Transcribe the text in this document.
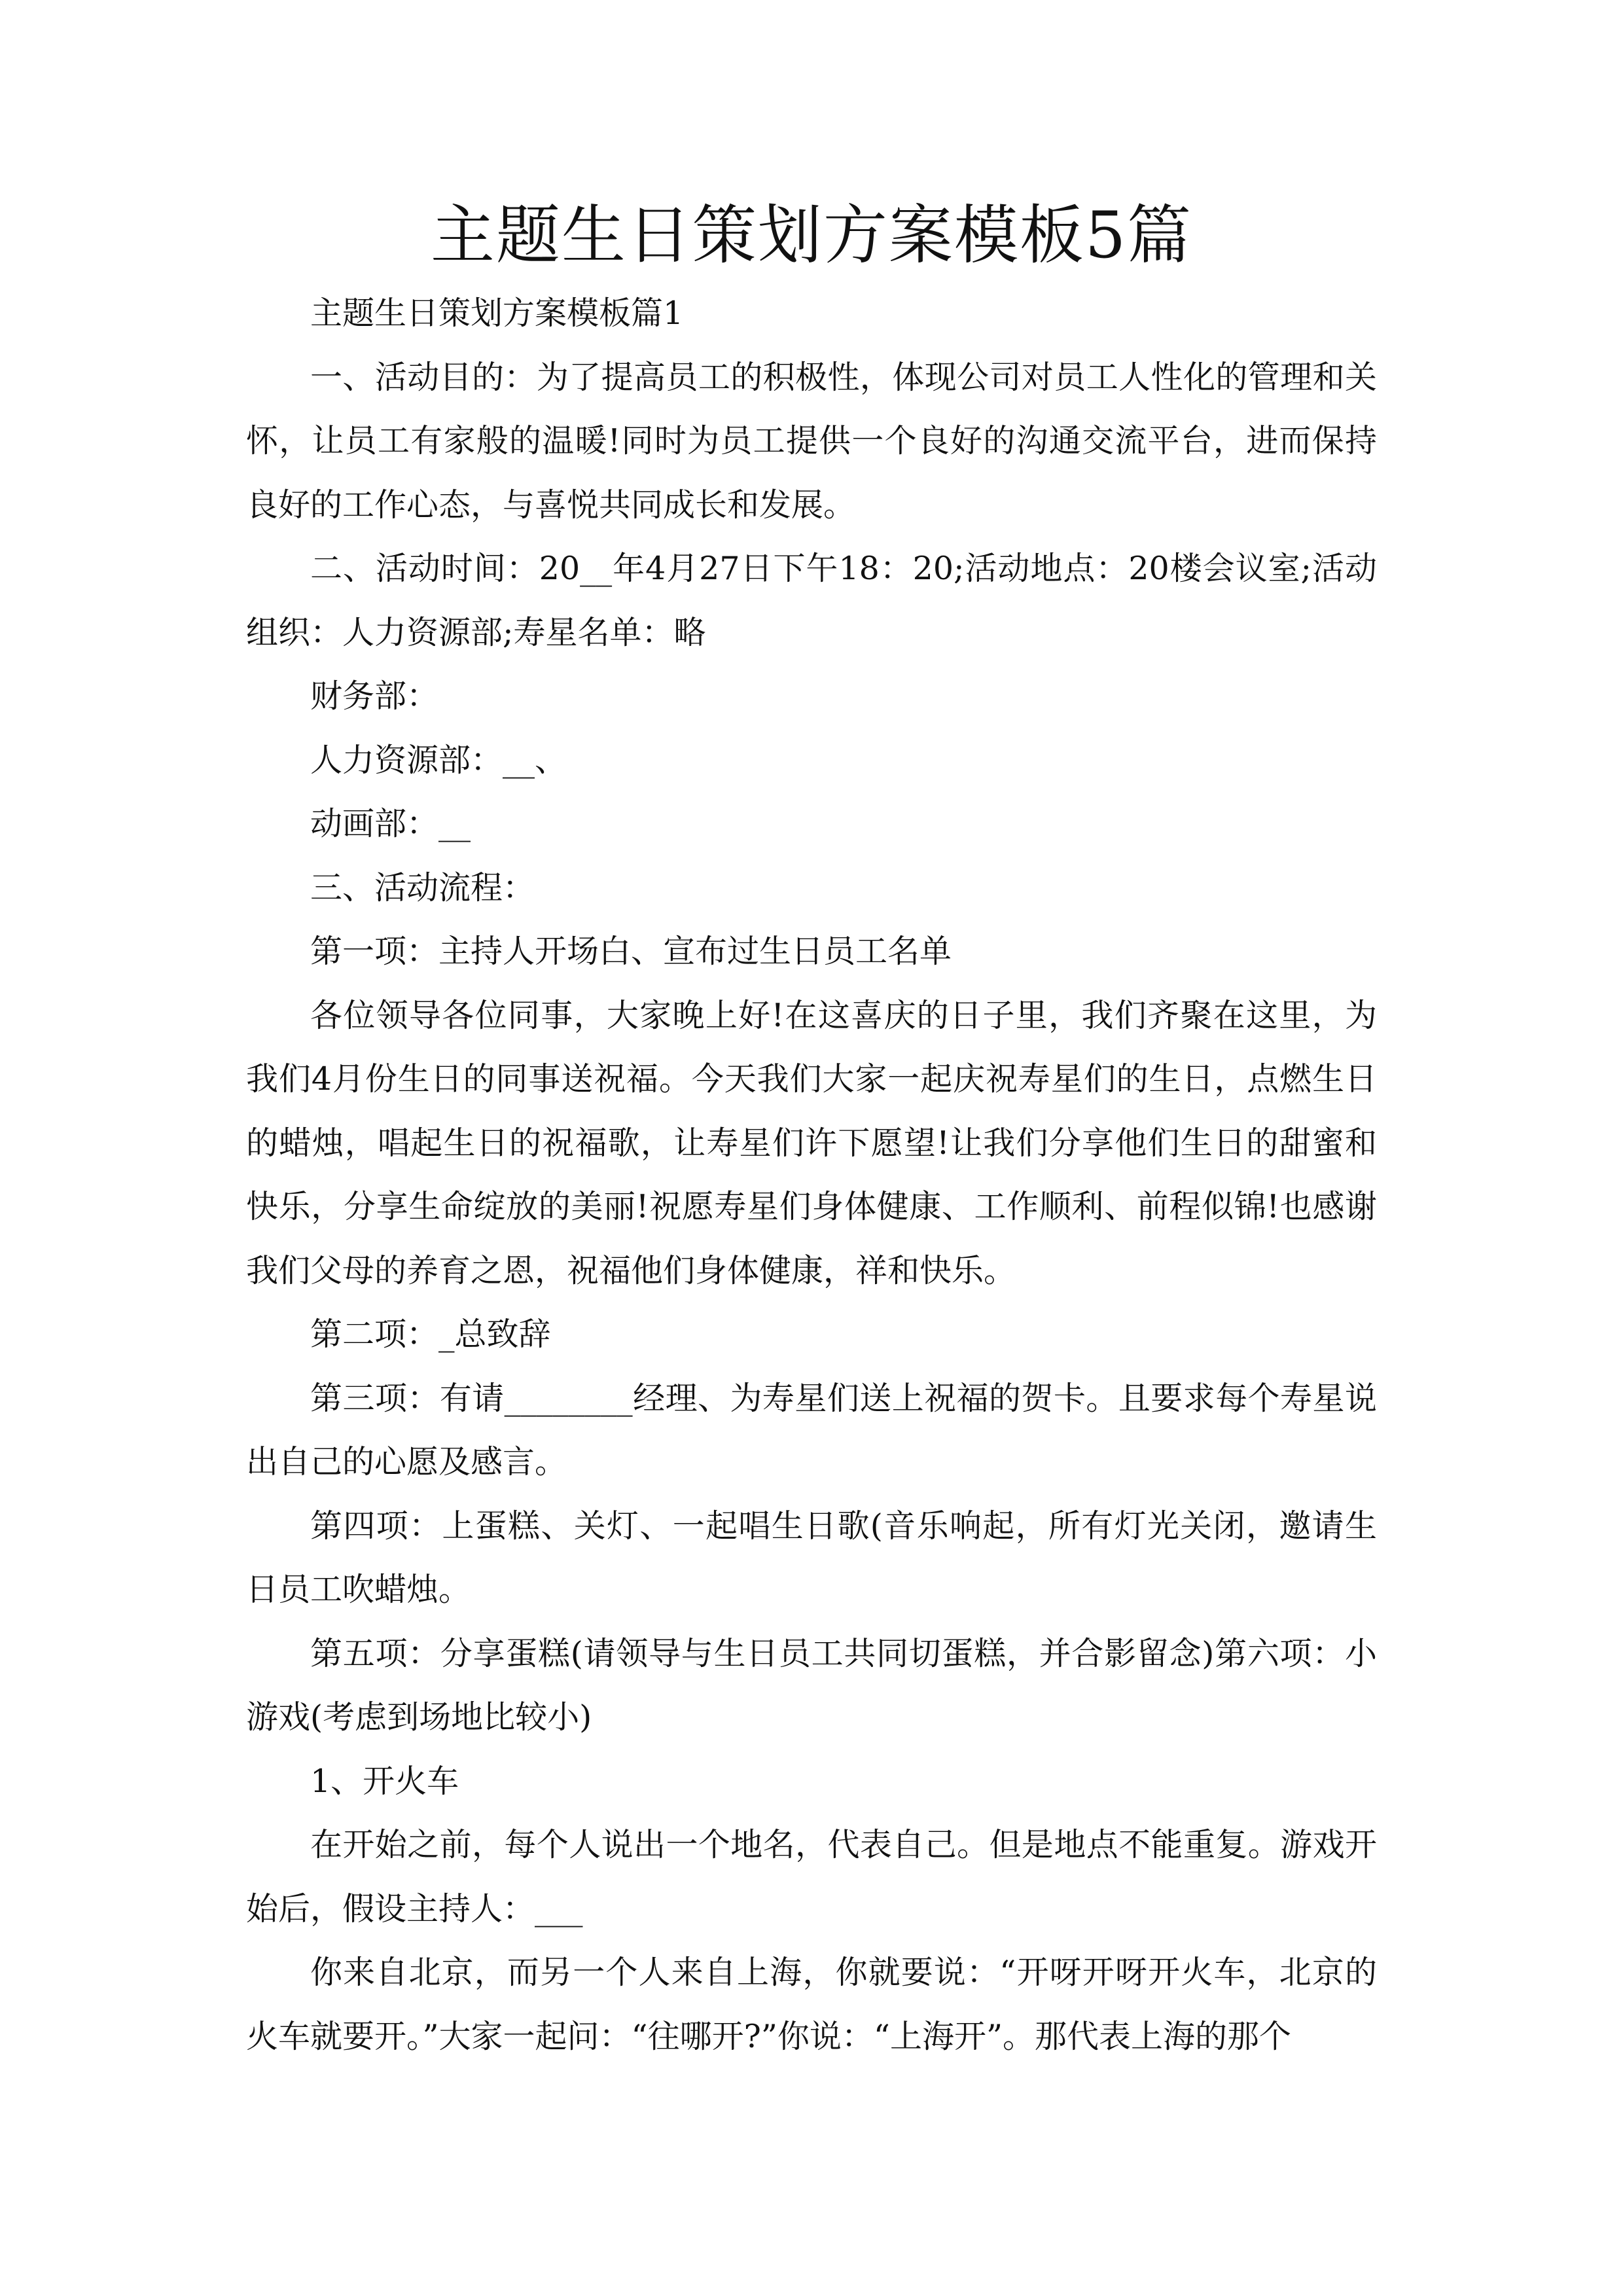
主题生日策划方案模板5篇

主题生日策划方案模板篇1

一、活动目的：为了提高员工的积极性，体现公司对员工人性化的管理和关怀，让员工有家般的温暖!同时为员工提供一个良好的沟通交流平台，进而保持良好的工作心态，与喜悦共同成长和发展。

二、活动时间：20__年4月27日下午18：20;活动地点：20楼会议室;活动组织：人力资源部;寿星名单：略

财务部：

人力资源部：__、

动画部：__

三、活动流程：

第一项：主持人开场白、宣布过生日员工名单

各位领导各位同事，大家晚上好!在这喜庆的日子里，我们齐聚在这里，为我们4月份生日的同事送祝福。今天我们大家一起庆祝寿星们的生日，点燃生日的蜡烛，唱起生日的祝福歌，让寿星们许下愿望!让我们分享他们生日的甜蜜和快乐，分享生命绽放的美丽!祝愿寿星们身体健康、工作顺利、前程似锦!也感谢我们父母的养育之恩，祝福他们身体健康，祥和快乐。

第二项：_总致辞

第三项：有请________经理、为寿星们送上祝福的贺卡。且要求每个寿星说出自己的心愿及感言。

第四项：上蛋糕、关灯、一起唱生日歌(音乐响起，所有灯光关闭，邀请生日员工吹蜡烛。

第五项：分享蛋糕(请领导与生日员工共同切蛋糕，并合影留念)第六项：小游戏(考虑到场地比较小)

1、开火车

在开始之前，每个人说出一个地名，代表自己。但是地点不能重复。游戏开始后，假设主持人：___

你来自北京，而另一个人来自上海，你就要说：“开呀开呀开火车，北京的火车就要开。”大家一起问：“往哪开?”你说：“上海开”。那代表上海的那个
